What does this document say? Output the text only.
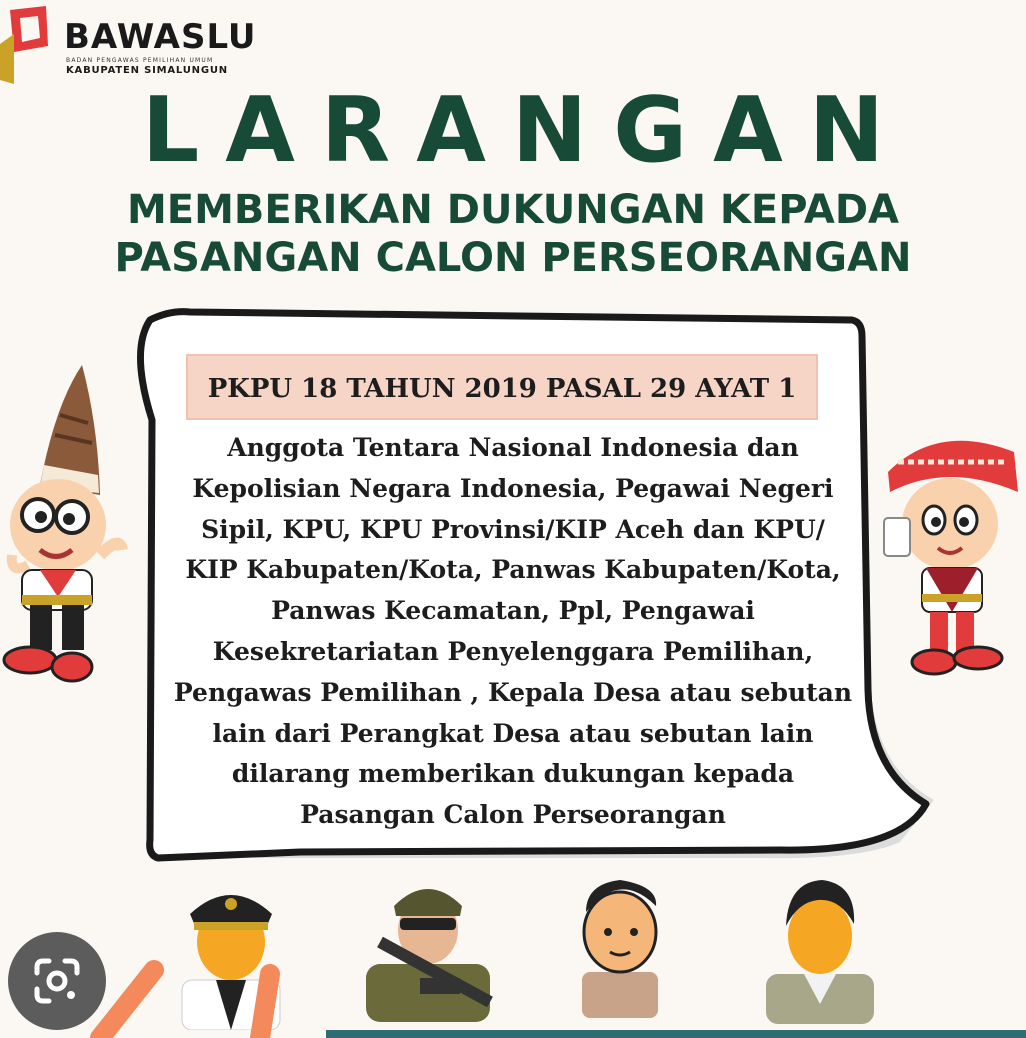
BAWASLU
BADAN PENGAWAS PEMILIHAN UMUM
KABUPATEN SIMALUNGUN
LARANGAN
MEMBERIKAN DUKUNGAN KEPADA
PASANGAN CALON PERSEORANGAN
PKPU 18 TAHUN 2019 PASAL 29 AYAT 1
Anggota Tentara Nasional Indonesia dan
Kepolisian Negara Indonesia, Pegawai Negeri
Sipil, KPU, KPU Provinsi/KIP Aceh dan KPU/
KIP Kabupaten/Kota, Panwas Kabupaten/Kota,
Panwas Kecamatan, Ppl, Pengawai
Kesekretariatan Penyelenggara Pemilihan,
Pengawas Pemilihan , Kepala Desa atau sebutan
lain dari Perangkat Desa atau sebutan lain
dilarang memberikan dukungan kepada
Pasangan Calon Perseorangan
